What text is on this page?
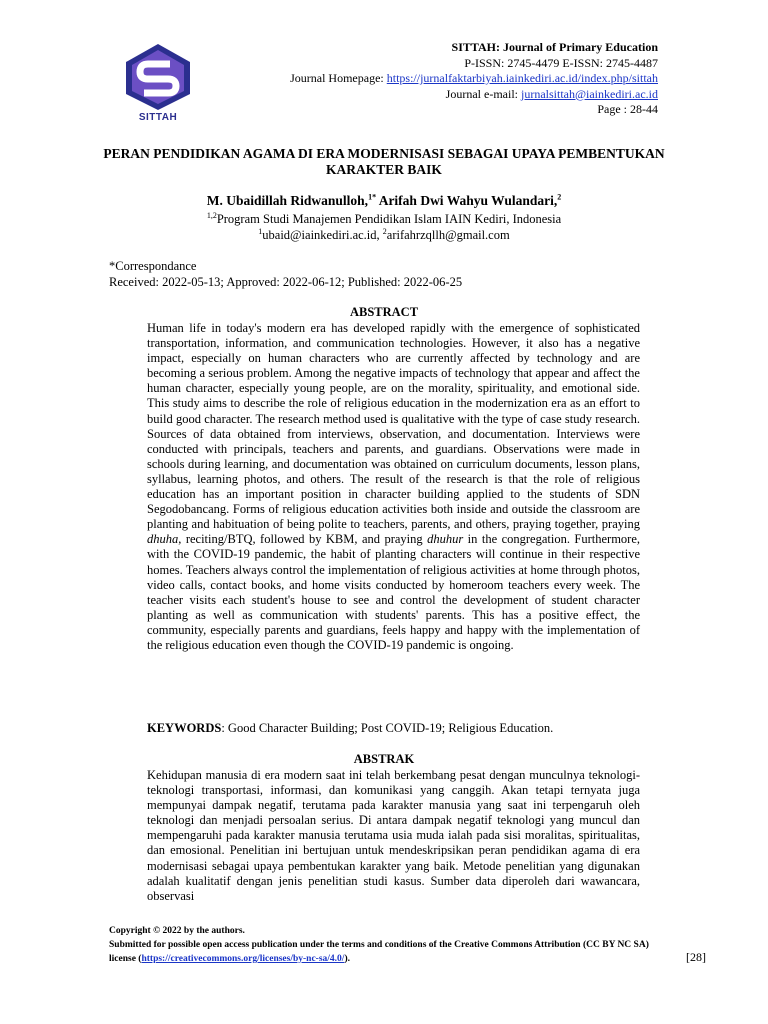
SITTAH
SITTAH: Journal of Primary Education
P-ISSN: 2745-4479 E-ISSN: 2745-4487
Journal Homepage: https://jurnalfaktarbiyah.iainkediri.ac.id/index.php/sittah
Journal e-mail: jurnalsittah@iainkediri.ac.id
Page : 28-44
PERAN PENDIDIKAN AGAMA DI ERA MODERNISASI SEBAGAI UPAYA PEMBENTUKAN KARAKTER BAIK
M. Ubaidillah Ridwanulloh,$^{1*}$ Arifah Dwi Wahyu Wulandari,$^2$
$^{1,2}$Program Studi Manajemen Pendidikan Islam IAIN Kediri, Indonesia
$^1$ubaid@iainkediri.ac.id, $^2$arifahrzqllh@gmail.com
*Correspondance
Received: 2022-05-13; Approved: 2022-06-12; Published: 2022-06-25
ABSTRACT
Human life in today's modern era has developed rapidly with the emergence of sophisticated transportation, information, and communication technologies. However, it also has a negative impact, especially on human characters who are currently affected by technology and are becoming a serious problem. Among the negative impacts of technology that appear and affect the human character, especially young people, are on the morality, spirituality, and emotional side. This study aims to describe the role of religious education in the modernization era as an effort to build good character. The research method used is qualitative with the type of case study research. Sources of data obtained from interviews, observation, and documentation. Interviews were conducted with principals, teachers and parents, and guardians. Observations were made in schools during learning, and documentation was obtained on curriculum documents, lesson plans, syllabus, learning photos, and others. The result of the research is that the role of religious education has an important position in character building applied to the students of SDN Segodobancang. Forms of religious education activities both inside and outside the classroom are planting and habituation of being polite to teachers, parents, and others, praying together, praying dhuha, reciting/BTQ, followed by KBM, and praying dhuhur in the congregation. Furthermore, with the COVID-19 pandemic, the habit of planting characters will continue in their respective homes. Teachers always control the implementation of religious activities at home through photos, video calls, contact books, and home visits conducted by homeroom teachers every week. The teacher visits each student's house to see and control the development of student character planting as well as communication with students' parents. This has a positive effect, the community, especially parents and guardians, feels happy and happy with the implementation of the religious education even though the COVID-19 pandemic is ongoing.
KEYWORDS: Good Character Building; Post COVID-19; Religious Education.
ABSTRAK
Kehidupan manusia di era modern saat ini telah berkembang pesat dengan munculnya teknologi-teknologi transportasi, informasi, dan komunikasi yang canggih. Akan tetapi ternyata juga mempunyai dampak negatif, terutama pada karakter manusia yang saat ini terpengaruh oleh teknologi dan menjadi persoalan serius. Di antara dampak negatif teknologi yang muncul dan mempengaruhi pada karakter manusia terutama usia muda ialah pada sisi moralitas, spiritualitas, dan emosional. Penelitian ini bertujuan untuk mendeskripsikan peran pendidikan agama di era modernisasi sebagai upaya pembentukan karakter yang baik. Metode penelitian yang digunakan adalah kualitatif dengan jenis penelitian studi kasus. Sumber data diperoleh dari wawancara, observasi
Copyright © 2022 by the authors.
Submitted for possible open access publication under the terms and conditions of the Creative Commons Attribution (CC BY NC SA) license (https://creativecommons.org/licenses/by-nc-sa/4.0/).	[28]
